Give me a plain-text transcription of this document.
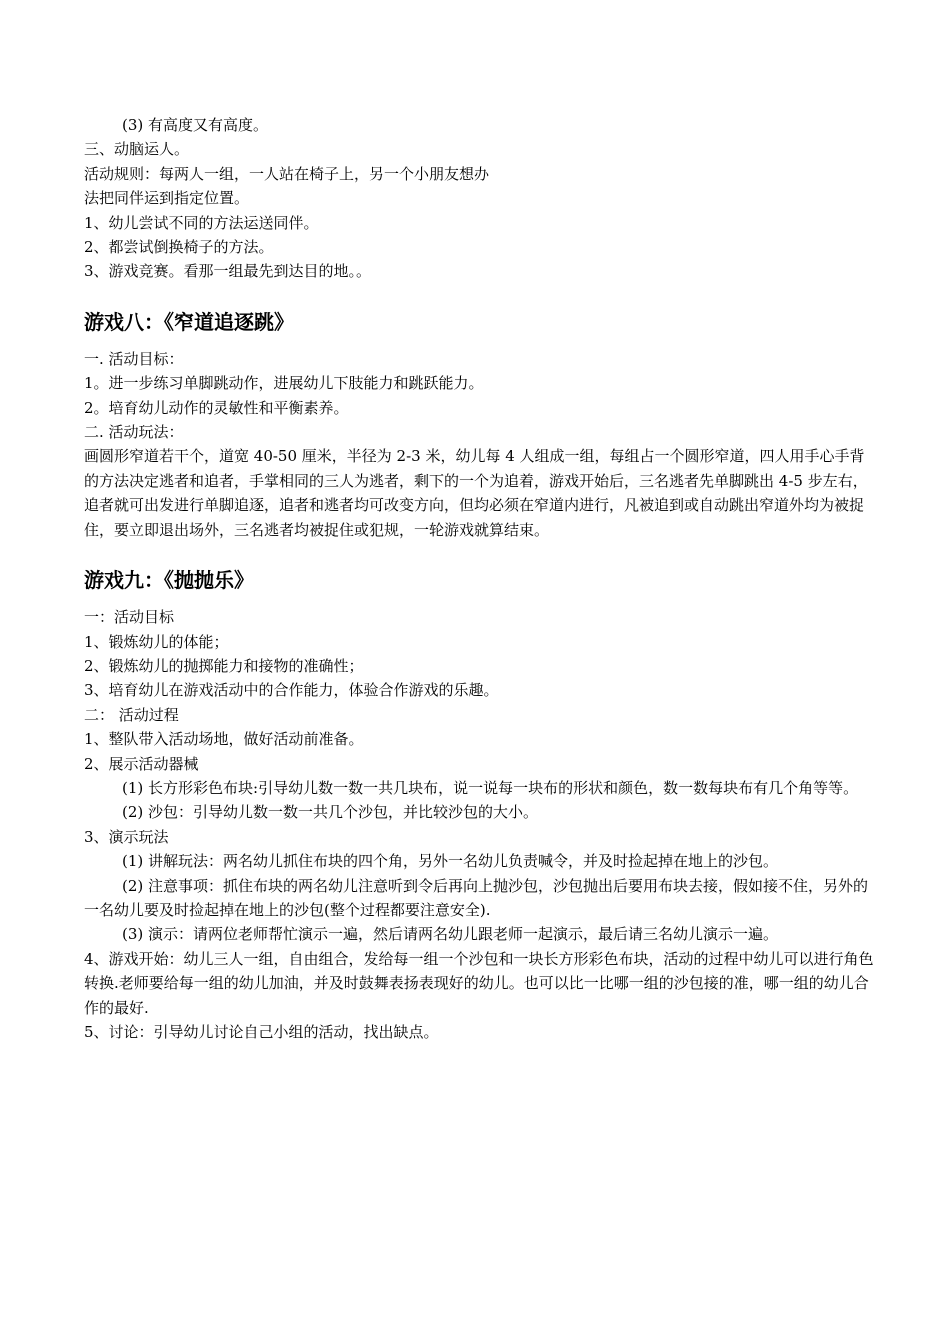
(3) 有高度又有高度。

三、动脑运人。

活动规则：每两人一组，一人站在椅子上，另一个小朋友想办

法把同伴运到指定位置。

1、幼儿尝试不同的方法运送同伴。

2、都尝试倒换椅子的方法。

3、游戏竞赛。看那一组最先到达目的地。。

游戏八：《窄道追逐跳》

一. 活动目标：

1。进一步练习单脚跳动作，进展幼儿下肢能力和跳跃能力。

2。培育幼儿动作的灵敏性和平衡素养。

二. 活动玩法：

画圆形窄道若干个，道宽 40-50 厘米，半径为 2-3 米，幼儿每 4 人组成一组，每组占一个圆形窄道，四人用手心手背的方法决定逃者和追者，手掌相同的三人为逃者，剩下的一个为追着，游戏开始后，三名逃者先单脚跳出 4-5 步左右，追者就可出发进行单脚追逐，追者和逃者均可改变方向，但均必须在窄道内进行，凡被追到或自动跳出窄道外均为被捉住，要立即退出场外，三名逃者均被捉住或犯规，一轮游戏就算结束。

游戏九：《抛抛乐》

一：活动目标

1、锻炼幼儿的体能；

2、锻炼幼儿的抛掷能力和接物的准确性；

3、培育幼儿在游戏活动中的合作能力，体验合作游戏的乐趣。

二： 活动过程

1、整队带入活动场地，做好活动前准备。

2、展示活动器械

(1) 长方形彩色布块:引导幼儿数一数一共几块布，说一说每一块布的形状和颜色，数一数每块布有几个角等等。

(2) 沙包：引导幼儿数一数一共几个沙包，并比较沙包的大小。

3、演示玩法

(1) 讲解玩法：两名幼儿抓住布块的四个角，另外一名幼儿负责喊令，并及时捡起掉在地上的沙包。

(2) 注意事项：抓住布块的两名幼儿注意听到令后再向上抛沙包，沙包抛出后要用布块去接，假如接不住，另外的一名幼儿要及时捡起掉在地上的沙包(整个过程都要注意安全).

(3) 演示：请两位老师帮忙演示一遍，然后请两名幼儿跟老师一起演示，最后请三名幼儿演示一遍。

4、游戏开始：幼儿三人一组，自由组合，发给每一组一个沙包和一块长方形彩色布块，活动的过程中幼儿可以进行角色转换.老师要给每一组的幼儿加油，并及时鼓舞表扬表现好的幼儿。也可以比一比哪一组的沙包接的准，哪一组的幼儿合作的最好.

5、讨论：引导幼儿讨论自己小组的活动，找出缺点。
